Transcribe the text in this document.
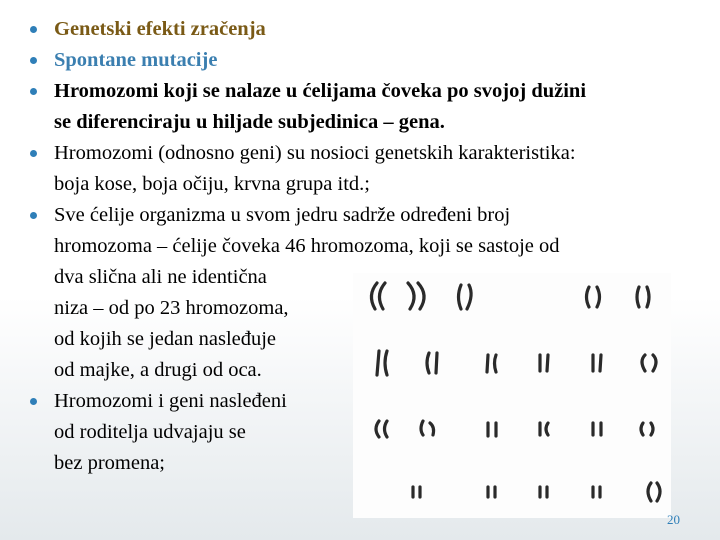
Genetski efekti zračenja
Spontane mutacije
Hromozomi koji se nalaze u ćelijama čoveka po svojoj dužini
se diferenciraju u hiljade subjedinica – gena.
Hromozomi (odnosno geni) su nosioci genetskih karakteristika:
boja kose, boja očiju, krvna grupa itd.;
Sve ćelije organizma u svom jedru sadrže određeni broj
hromozoma – ćelije čoveka 46 hromozoma, koji se sastoje od
dva slična ali ne identična
niza – od po 23 hromozoma,
od kojih se jedan nasleđuje
od majke, a drugi od oca.
Hromozomi i geni nasleđeni
od roditelja udvajaju se
bez promena;
20
